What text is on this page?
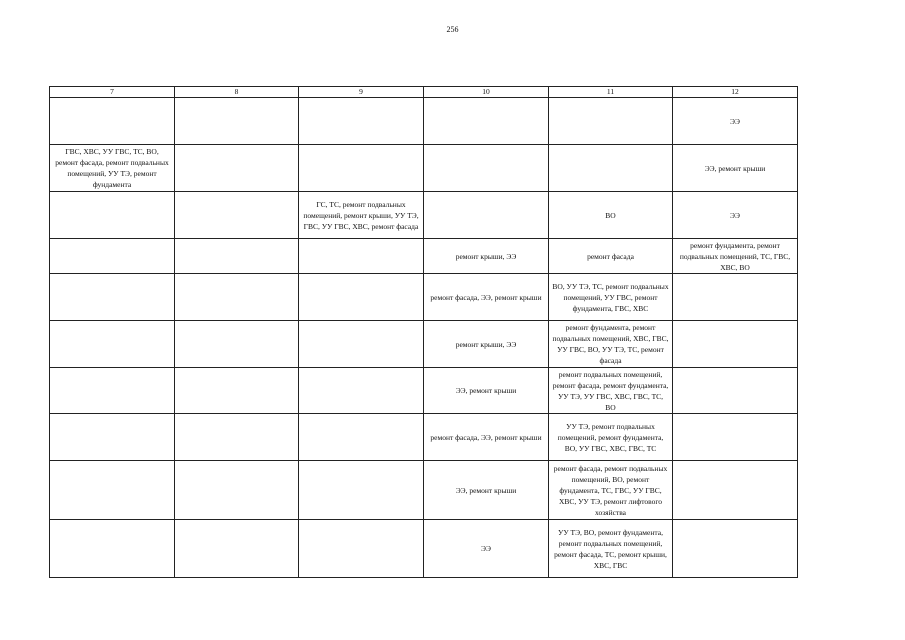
256
7	8	9	10	11	12
					ЭЭ
ГВС, ХВС, УУ ГВС, ТС, ВО, ремонт фасада, ремонт подвальных помещений, УУ ТЭ, ремонт фундамента					ЭЭ, ремонт крыши
		ГС, ТС, ремонт подвальных помещений, ремонт крыши, УУ ТЭ, ГВС, УУ ГВС, ХВС, ремонт фасада		ВО	ЭЭ
			ремонт крыши, ЭЭ	ремонт фасада	ремонт фундамента, ремонт подвальных помещений, ТС, ГВС, ХВС, ВО
			ремонт фасада, ЭЭ, ремонт крыши	ВО, УУ ТЭ, ТС, ремонт подвальных помещений, УУ ГВС, ремонт фундамента, ГВС, ХВС	
			ремонт крыши, ЭЭ	ремонт фундамента, ремонт подвальных помещений, ХВС, ГВС, УУ ГВС, ВО, УУ ТЭ, ТС, ремонт фасада	
			ЭЭ, ремонт крыши	ремонт подвальных помещений, ремонт фасада, ремонт фундамента, УУ ТЭ, УУ ГВС, ХВС, ГВС, ТС, ВО	
			ремонт фасада, ЭЭ, ремонт крыши	УУ ТЭ, ремонт подвальных помещений, ремонт фундамента, ВО, УУ ГВС, ХВС, ГВС, ТС	
			ЭЭ, ремонт крыши	ремонт фасада, ремонт подвальных помещений, ВО, ремонт фундамента, ТС, ГВС, УУ ГВС, ХВС, УУ ТЭ, ремонт лифтового хозяйства	
			ЭЭ	УУ ТЭ, ВО, ремонт фундамента, ремонт подвальных помещений, ремонт фасада, ТС, ремонт крыши, ХВС, ГВС	
